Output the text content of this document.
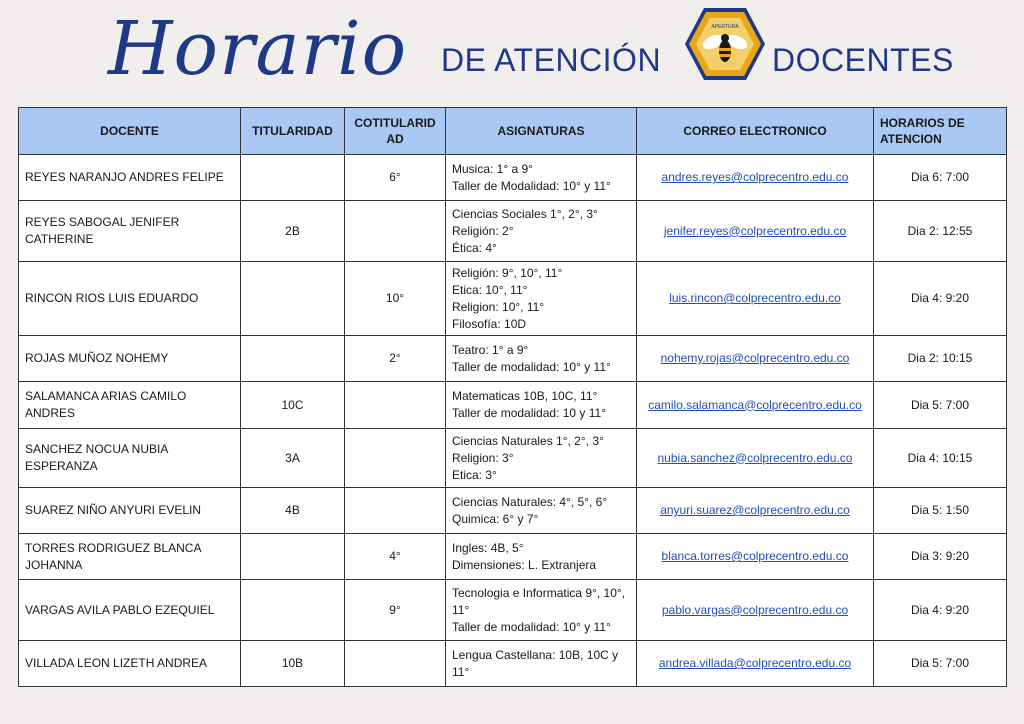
Horario DE ATENCIÓN
APERTURA
DOCENTES
DOCENTE	TITULARIDAD	COTITULARID AD	ASIGNATURAS	CORREO ELECTRONICO	HORARIOS DE ATENCION
REYES NARANJO ANDRES FELIPE		6°	Musica: 1° a 9°
Taller de Modalidad: 10° y 11°	andres.reyes@colprecentro.edu.co	Dia 6: 7:00
REYES SABOGAL JENIFER CATHERINE	2B		Ciencias Sociales 1°, 2°, 3°
Religión: 2°
Ética: 4°	jenifer.reyes@colprecentro.edu.co	Dia 2: 12:55
RINCON RIOS LUIS EDUARDO		10°	Religión: 9°, 10°, 11°
Etica: 10°, 11°
Religion: 10°, 11°
Filosofía: 10D	luis.rincon@colprecentro.edu.co	Dia 4: 9:20
ROJAS MUÑOZ NOHEMY		2°	Teatro: 1° a 9°
Taller de modalidad: 10° y 11°	nohemy.rojas@colprecentro.edu.co	Dia 2: 10:15
SALAMANCA ARIAS CAMILO ANDRES	10C		Matematicas 10B, 10C, 11°
Taller de modalidad: 10 y 11°	camilo.salamanca@colprecentro.edu.co	Dia 5: 7:00
SANCHEZ NOCUA NUBIA ESPERANZA	3A		Ciencias Naturales 1°, 2°, 3°
Religion: 3°
Etica: 3°	nubia.sanchez@colprecentro.edu.co	Dia 4: 10:15
SUAREZ NIÑO ANYURI EVELIN	4B		Ciencias Naturales: 4°, 5°, 6°
Quimica: 6° y 7°	anyuri.suarez@colprecentro.edu.co	Dia 5: 1:50
TORRES RODRIGUEZ BLANCA JOHANNA		4°	Ingles: 4B, 5°
Dimensiones: L. Extranjera	blanca.torres@colprecentro.edu.co	Dia 3: 9:20
VARGAS AVILA PABLO EZEQUIEL		9°	Tecnologia e Informatica 9°, 10°, 11°
Taller de modalidad: 10° y 11°	pablo.vargas@colprecentro.edu.co	Dia 4: 9:20
VILLADA LEON LIZETH ANDREA	10B		Lengua Castellana: 10B, 10C y 11°	andrea.villada@colprecentro.edu.co	Dia 5: 7:00
